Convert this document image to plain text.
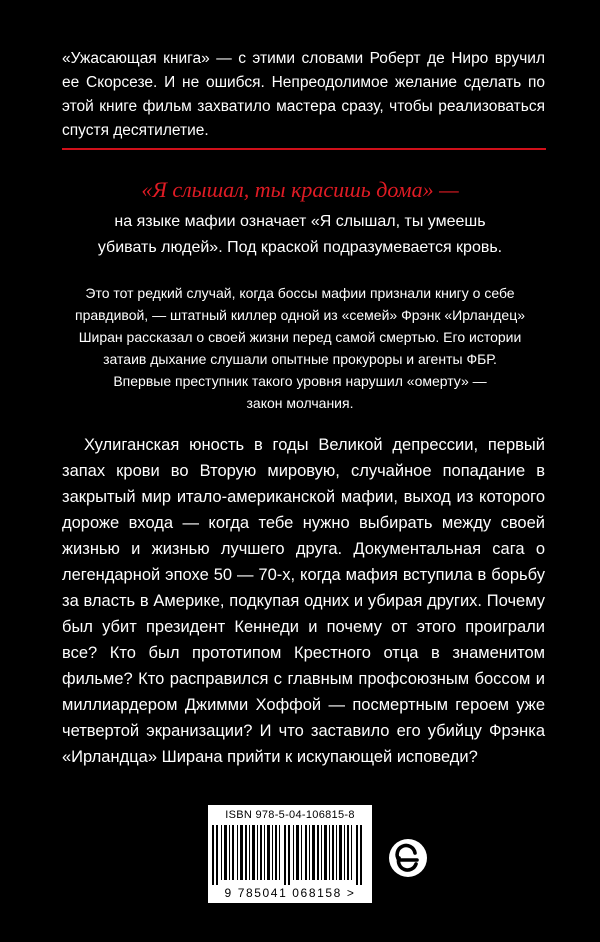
«Ужасающая книга» — с этими словами Роберт де Ниро вручил ее Скорсезе. И не ошибся. Непреодолимое желание сделать по этой книге фильм захватило мастера сразу, чтобы реализоваться спустя десятилетие.
«Я слышал, ты красишь дома» —
на языке мафии означает «Я слышал, ты умеешь
убивать людей». Под краской подразумевается кровь.
Это тот редкий случай, когда боссы мафии признали книгу о себе
правдивой, — штатный киллер одной из «семей» Фрэнк «Ирландец»
Ширан рассказал о своей жизни перед самой смертью. Его истории
затаив дыхание слушали опытные прокуроры и агенты ФБР.
Впервые преступник такого уровня нарушил «омерту» —
закон молчания.

Хулиганская юность в годы Великой депрессии, первый запах крови во Вторую мировую, случайное попадание в закрытый мир итало-американской мафии, выход из которого дороже входа — когда тебе нужно выбирать между своей жизнью и жизнью лучшего друга. Документальная сага о легендарной эпохе 50 — 70-х, когда мафия вступила в борьбу за власть в Америке, подкупая одних и убирая других. Почему был убит президент Кеннеди и почему от этого проиграли все? Кто был прототипом Крестного отца в знаменитом фильме? Кто расправился с главным профсоюзным боссом и миллиардером Джимми Хоффой — посмертным героем уже четвертой экранизации? И что заставило его убийцу Фрэнка «Ирландца» Ширана прийти к искупающей исповеди?

ISBN 978-5-04-106815-8
9 785041 068158 >
